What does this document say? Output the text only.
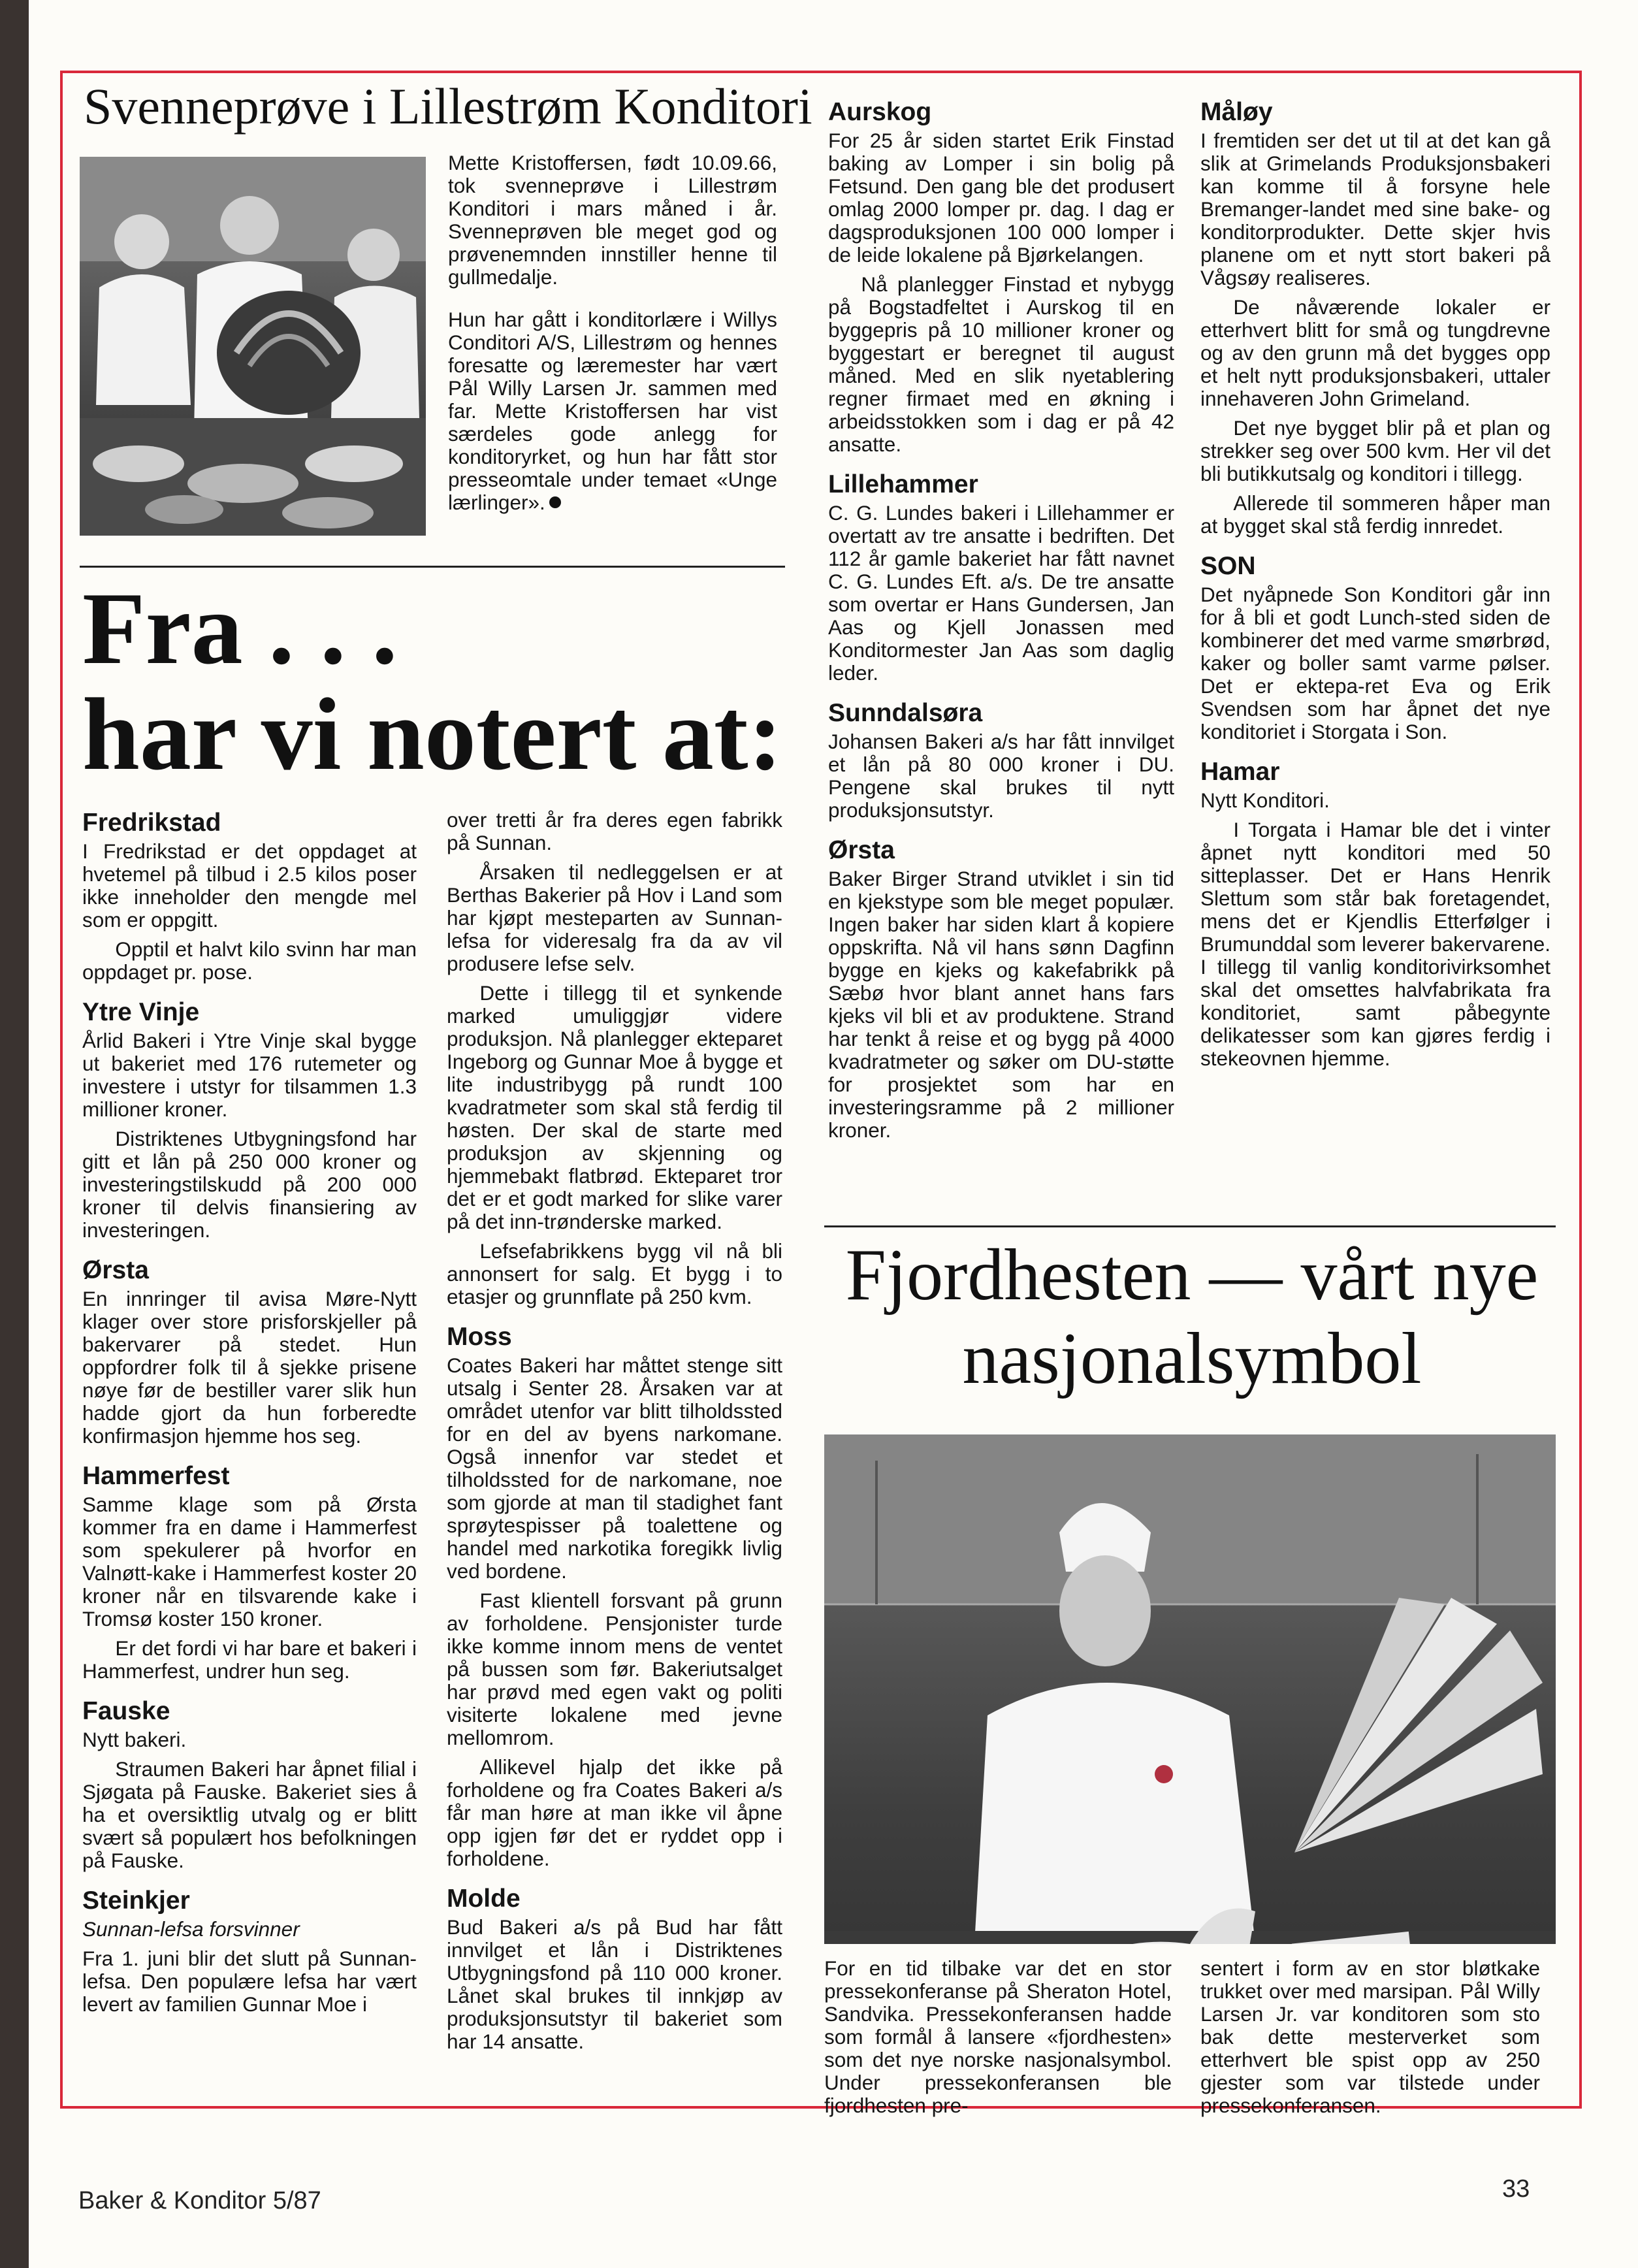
Svenneprøve i Lillestrøm Konditori

Mette Kristoffersen, født 10.09.66, tok svenneprøve i Lillestrøm Konditori i mars måned i år. Svenneprøven ble meget god og prøvenemnden innstiller henne til gullmedalje.

Hun har gått i konditorlære i Willys Conditori A/S, Lillestrøm og hennes foresatte og læremester har vært Pål Willy Larsen Jr. sammen med far. Mette Kristoffersen har vist særdeles gode anlegg for konditoryrket, og hun har fått stor presseomtale under temaet «Unge lærlinger».

Fra . . .
har vi notert at:
Fredrikstad

I Fredrikstad er det oppdaget at hvetemel på tilbud i 2.5 kilos poser ikke inneholder den mengde mel som er oppgitt.

Opptil et halvt kilo svinn har man oppdaget pr. pose.

Ytre Vinje

Årlid Bakeri i Ytre Vinje skal bygge ut bakeriet med 176 rutemeter og investere i utstyr for tilsammen 1.3 millioner kroner.

Distriktenes Utbygningsfond har gitt et lån på 250 000 kroner og investeringstilskudd på 200 000 kroner til delvis finansiering av investeringen.

Ørsta

En innringer til avisa Møre-Nytt klager over store prisforskjeller på bakervarer på stedet. Hun oppfordrer folk til å sjekke prisene nøye før de bestiller varer slik hun hadde gjort da hun forberedte konfirmasjon hjemme hos seg.

Hammerfest

Samme klage som på Ørsta kommer fra en dame i Hammerfest som spekulerer på hvorfor en Valnøtt-kake i Hammerfest koster 20 kroner når en tilsvarende kake i Tromsø koster 150 kroner.

Er det fordi vi har bare et bakeri i Hammerfest, undrer hun seg.

Fauske

Nytt bakeri.

Straumen Bakeri har åpnet filial i Sjøgata på Fauske. Bakeriet sies å ha et oversiktlig utvalg og er blitt svært så populært hos befolkningen på Fauske.

Steinkjer

Sunnan-lefsa forsvinner

Fra 1. juni blir det slutt på Sunnan-lefsa. Den populære lefsa har vært levert av familien Gunnar Moe i

over tretti år fra deres egen fabrikk på Sunnan.

Årsaken til nedleggelsen er at Berthas Bakerier på Hov i Land som har kjøpt mesteparten av Sunnan-lefsa for videresalg fra da av vil produsere lefse selv.

Dette i tillegg til et synkende marked umuliggjør videre produksjon. Nå planlegger ekteparet Ingeborg og Gunnar Moe å bygge et lite industribygg på rundt 100 kvadratmeter som skal stå ferdig til høsten. Der skal de starte med produksjon av skjenning og hjemmebakt flatbrød. Ekteparet tror det er et godt marked for slike varer på det inn-trønderske marked.

Lefsefabrikkens bygg vil nå bli annonsert for salg. Et bygg i to etasjer og grunnflate på 250 kvm.

Moss

Coates Bakeri har måttet stenge sitt utsalg i Senter 28. Årsaken var at området utenfor var blitt tilholdssted for en del av byens narkomane. Også innenfor var stedet et tilholdssted for de narkomane, noe som gjorde at man til stadighet fant sprøytespisser på toalettene og handel med narkotika foregikk livlig ved bordene.

Fast klientell forsvant på grunn av forholdene. Pensjonister turde ikke komme innom mens de ventet på bussen som før. Bakeriutsalget har prøvd med egen vakt og politi visiterte lokalene med jevne mellomrom.

Allikevel hjalp det ikke på forholdene og fra Coates Bakeri a/s får man høre at man ikke vil åpne opp igjen før det er ryddet opp i forholdene.

Molde

Bud Bakeri a/s på Bud har fått innvilget et lån i Distriktenes Utbygningsfond på 110 000 kroner. Lånet skal brukes til innkjøp av produksjonsutstyr til bakeriet som har 14 ansatte.

Aurskog

For 25 år siden startet Erik Finstad baking av Lomper i sin bolig på Fetsund. Den gang ble det produsert omlag 2000 lomper pr. dag. I dag er dagsproduksjonen 100 000 lomper i de leide lokalene på Bjørkelangen.

Nå planlegger Finstad et nybygg på Bogstadfeltet i Aurskog til en byggepris på 10 millioner kroner og byggestart er beregnet til august måned. Med en slik nyetablering regner firmaet med en økning i arbeidsstokken som i dag er på 42 ansatte.

Lillehammer

C. G. Lundes bakeri i Lillehammer er overtatt av tre ansatte i bedriften. Det 112 år gamle bakeriet har fått navnet C. G. Lundes Eft. a/s. De tre ansatte som overtar er Hans Gundersen, Jan Aas og Kjell Jonassen med Konditormester Jan Aas som daglig leder.

Sunndalsøra

Johansen Bakeri a/s har fått innvilget et lån på 80 000 kroner i DU. Pengene skal brukes til nytt produksjonsutstyr.

Ørsta

Baker Birger Strand utviklet i sin tid en kjekstype som ble meget populær. Ingen baker har siden klart å kopiere oppskrifta. Nå vil hans sønn Dagfinn bygge en kjeks og kakefabrikk på Sæbø hvor blant annet hans fars kjeks vil bli et av produktene. Strand har tenkt å reise et og bygg på 4000 kvadratmeter og søker om DU-støtte for prosjektet som har en investeringsramme på 2 millioner kroner.

Måløy

I fremtiden ser det ut til at det kan gå slik at Grimelands Produksjonsbakeri kan komme til å forsyne hele Bremanger-landet med sine bake- og konditorprodukter. Dette skjer hvis planene om et nytt stort bakeri på Vågsøy realiseres.

De nåværende lokaler er etterhvert blitt for små og tungdrevne og av den grunn må det bygges opp et helt nytt produksjonsbakeri, uttaler innehaveren John Grimeland.

Det nye bygget blir på et plan og strekker seg over 500 kvm. Her vil det bli butikkutsalg og konditori i tillegg.

Allerede til sommeren håper man at bygget skal stå ferdig innredet.

SON

Det nyåpnede Son Konditori går inn for å bli et godt Lunch-sted siden de kombinerer det med varme smørbrød, kaker og boller samt varme pølser. Det er ektepa-ret Eva og Erik Svendsen som har åpnet det nye konditoriet i Storgata i Son.

Hamar

Nytt Konditori.

I Torgata i Hamar ble det i vinter åpnet nytt konditori med 50 sitteplasser. Det er Hans Henrik Slettum som står bak foretagendet, mens det er Kjendlis Etterfølger i Brumunddal som leverer bakervarene. I tillegg til vanlig konditorivirksomhet skal det omsettes halvfabrikata fra konditoriet, samt påbegynte delikatesser som kan gjøres ferdig i stekeovnen hjemme.

Fjordhesten — vårt nye
nasjonalsymbol
For en tid tilbake var det en stor pressekonferanse på Sheraton Hotel, Sandvika. Pressekonferansen hadde som formål å lansere «fjordhesten» som det nye norske nasjonalsymbol. Under pressekonferansen ble fjordhesten pre-
sentert i form av en stor bløtkake trukket over med marsipan. Pål Willy Larsen Jr. var konditoren som sto bak dette mesterverket som etterhvert ble spist opp av 250 gjester som var tilstede under pressekonferansen.
Baker & Konditor 5/87	33
